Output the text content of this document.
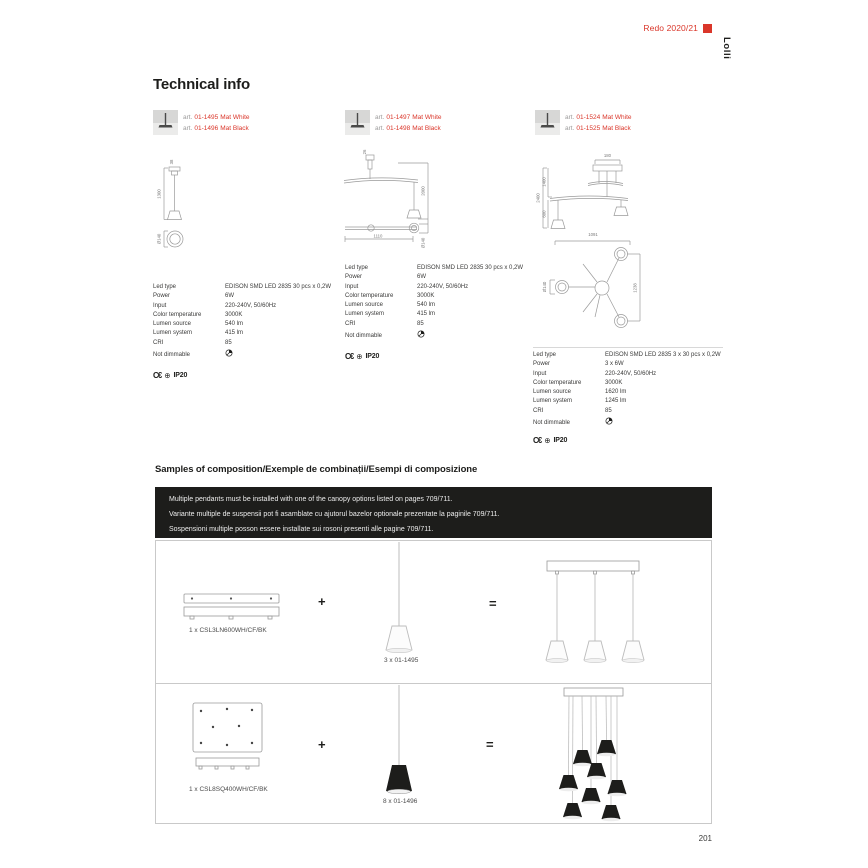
Redo 2020/21
Lolli
Technical info
art. 01-1495 Mat White
art. 01-1496 Mat Black
38
1300
Ø140
Led type	EDISON SMD LED 2835 30 pcs x 0,2W
Power	6W
Input	220-240V, 50/60Hz
Color temperature	3000K
Lumen source	540 lm
Lumen system	415 lm
CRI	85
Not dimmable
C€ ⊕ IP20
art. 01-1497 Mat White
art. 01-1498 Mat Black
26
2000
Ø140
1110
Led type	EDISON SMD LED 2835 30 pcs x 0,2W
Power	6W
Input	220-240V, 50/60Hz
Color temperature	3000K
Lumen source	540 lm
Lumen system	415 lm
CRI	85
Not dimmable
C€ ⊕ IP20
art. 01-1524 Mat White
art. 01-1525 Mat Black
180
2400
1400
600
1091
1238
Ø140
Led type	EDISON SMD LED 2835 3 x 30 pcs x 0,2W
Power	3 x 6W
Input	220-240V, 50/60Hz
Color temperature	3000K
Lumen source	1620 lm
Lumen system	1245 lm
CRI	85
Not dimmable
C€ ⊕ IP20
Samples of composition/Exemple de combinații/Esempi di composizione
Multiple pendants must be installed with one of the canopy options listed on pages 709/711.
Variante multiple de suspensii pot fi asamblate cu ajutorul bazelor optionale prezentate la paginile 709/711.
Sospensioni multiple posson essere installate sui rosoni presenti alle pagine 709/711.
1 x CSL3LN600WH/CF/BK
+
3 x 01-1495
=
1 x CSL8SQ400WH/CF/BK
+
8 x 01-1496
=
201
